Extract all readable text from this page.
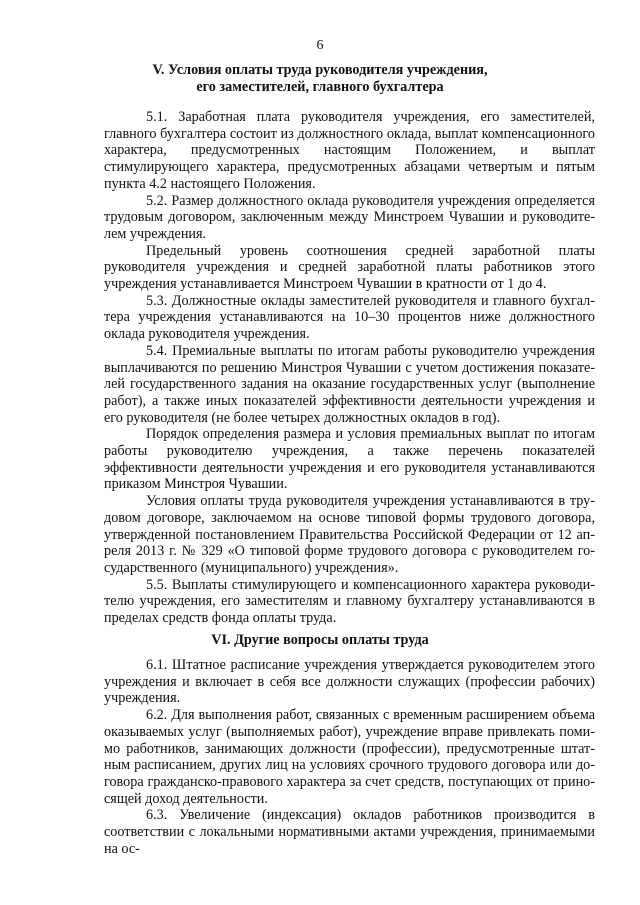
6
V. Условия оплаты труда руководителя учреждения,
его заместителей, главного бухгалтера

5.1. Заработная плата руководителя учреждения, его заместителей, главного бухгалтера состоит из должностного оклада, выплат компенсационного характера, предусмотренных настоящим Положением, и выплат стимулирующего характера, предусмотренных абзацами четвертым и пятым пункта 4.2 настоящего Положения.

5.2. Размер должностного оклада руководителя учреждения определяется трудовым договором, заключенным между Минстроем Чувашии и руководителем учреждения.

Предельный уровень соотношения средней заработной платы руководителя учреждения и средней заработной платы работников этого учреждения устанавливается Минстроем Чувашии в кратности от 1 до 4.

5.3. Должностные оклады заместителей руководителя и главного бухгалтера учреждения устанавливаются на 10–30 процентов ниже должностного оклада руководителя учреждения.

5.4. Премиальные выплаты по итогам работы руководителю учреждения выплачиваются по решению Минстроя Чувашии с учетом достижения показателей государственного задания на оказание государственных услуг (выполнение работ), а также иных показателей эффективности деятельности учреждения и его руководителя (не более четырех должностных окладов в год).

Порядок определения размера и условия премиальных выплат по итогам работы руководителю учреждения, а также перечень показателей эффективности деятельности учреждения и его руководителя устанавливаются приказом Минстроя Чувашии.

Условия оплаты труда руководителя учреждения устанавливаются в трудовом договоре, заключаемом на основе типовой формы трудового договора, утвержденной постановлением Правительства Российской Федерации от 12 апреля 2013 г. № 329 «О типовой форме трудового договора с руководителем государственного (муниципального) учреждения».

5.5. Выплаты стимулирующего и компенсационного характера руководителю учреждения, его заместителям и главному бухгалтеру устанавливаются в пределах средств фонда оплаты труда.

VI. Другие вопросы оплаты труда

6.1. Штатное расписание учреждения утверждается руководителем этого учреждения и включает в себя все должности служащих (профессии рабочих) учреждения.

6.2. Для выполнения работ, связанных с временным расширением объема оказываемых услуг (выполняемых работ), учреждение вправе привлекать помимо работников, занимающих должности (профессии), предусмотренные штатным расписанием, других лиц на условиях срочного трудового договора или договора гражданско-правового характера за счет средств, поступающих от приносящей доход деятельности.

6.3. Увеличение (индексация) окладов работников производится в соответствии с локальными нормативными актами учреждения, принимаемыми на ос-
